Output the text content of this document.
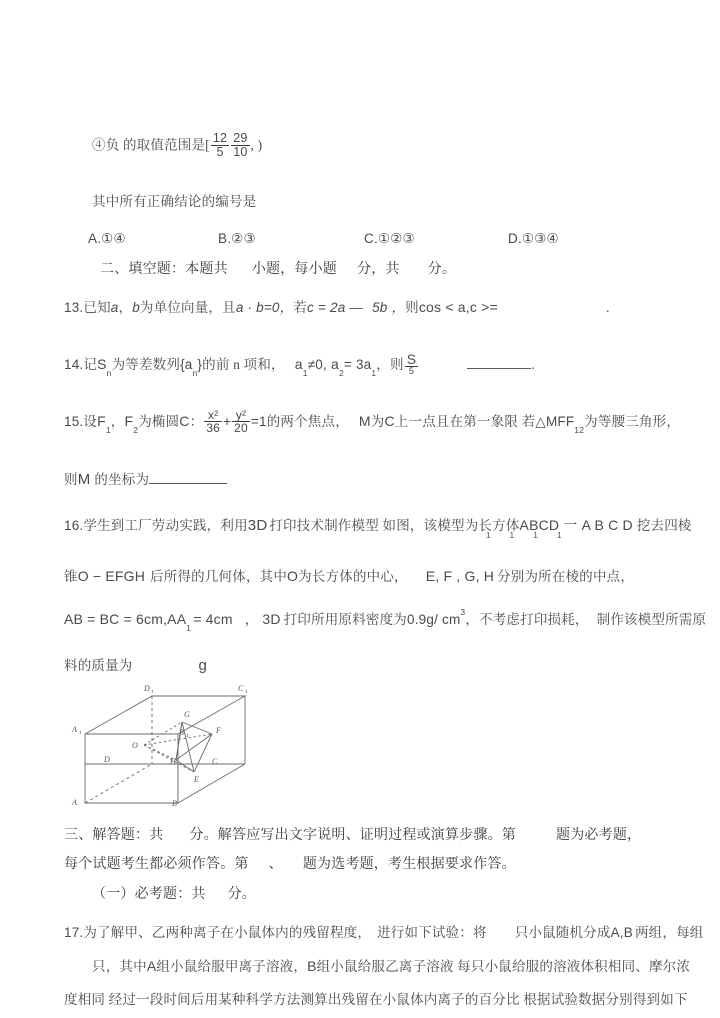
④负 的取值范围是[ $\frac{12}{5} \frac{29}{10}$ , )
其中所有正确结论的编号是
A.①④	B.②③	C.①②③	D.①③④
二、填空题：本题共 小题，每小题 分，共 分。
13.已知a，b为单位向量，且a · b=0，若c = 2a — 5b ，则cos < a,c >=	.
14.记$S_n$为等差数列$\{a_n\}$的前 n 项和， $a_1\ne 0$, $a_2= 3a_1$，则 $\frac{S}{5}$	.
15.设$F_1$，$F_2$为椭圆C： $\frac{\text{x²}}{36} + \frac{\text{y²}}{20} =1$的两个焦点， M为C上一点且在第一象限 若$\triangle MFF_{12}$为等腰三角形，
则M 的坐标为
16.学生到工厂劳动实践，利用3D 打印技术制作模型 如图，该模型为长方体ABCD 一 A B C D 挖去四棱
1 1 1 1
锥O − EFGH 后所得的几何体，其中O为长方体的中心， E, F , G, H 分别为所在棱的中点，
AB = BC = $6cm,AA_1= 4cm$ ， 3D 打印所用原料密度为0.9g/ $cm^3$，不考虑打印损耗， 制作该模型所需原
料的质量为	g
D 1	C 1
A 1	B 1
G
F
O
H
E
D	C
A	B
三、解答题：共 分。解答应写出文字说明、证明过程或演算步骤。第	题为必考题，
每个试题考生都必须作答。第 、 题为选考题，考生根据要求作答。
（一）必考题：共 分。
17.为了解甲、乙两种离子在小鼠体内的残留程度， 进行如下试验：将 只小鼠随机分成A,B 两组，每组
只，其中A组小鼠给服甲离子溶液，B组小鼠给服乙离子溶液 每只小鼠给服的溶液体积相同、摩尔浓
度相同 经过一段时间后用某种科学方法测算出残留在小鼠体内离子的百分比 根据试验数据分别得到如下
